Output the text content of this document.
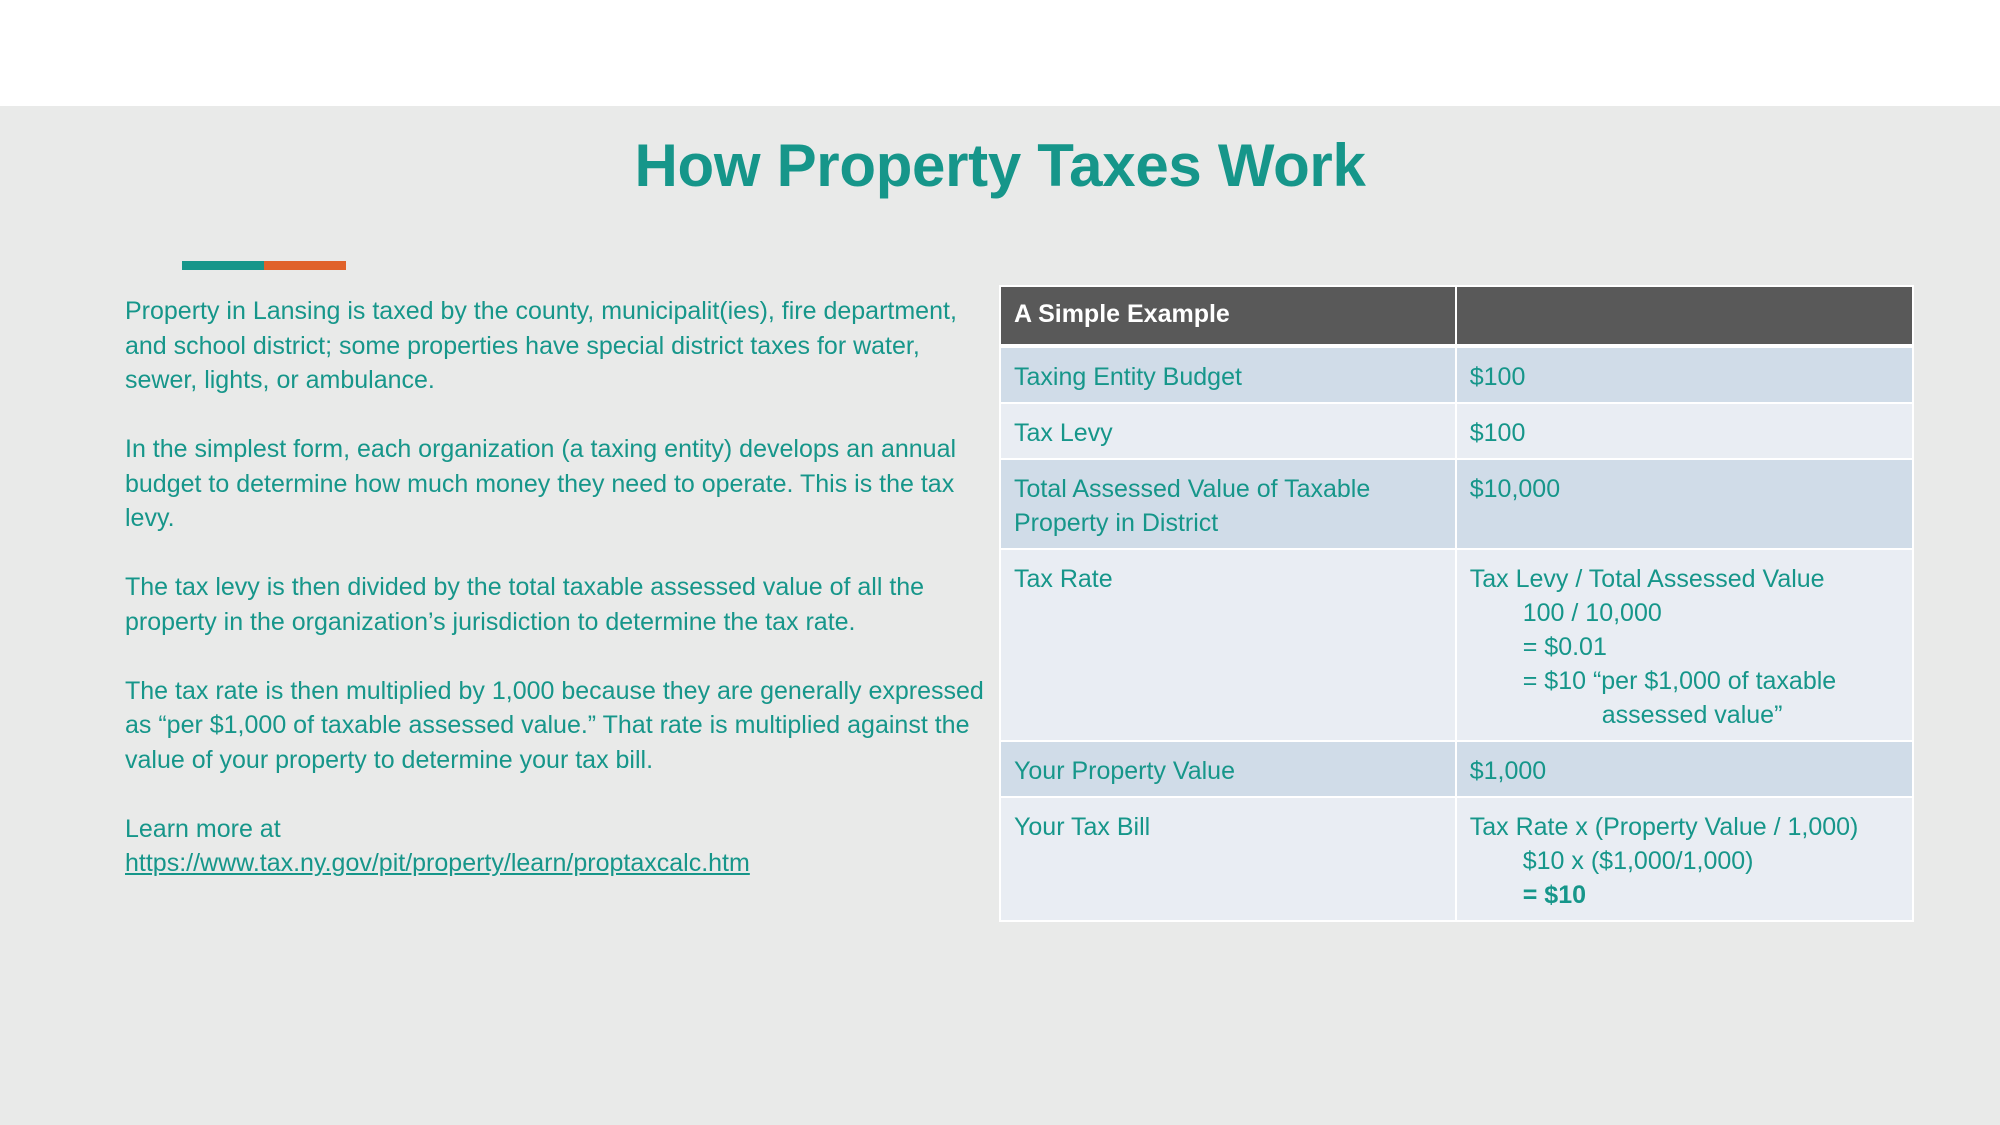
How Property Taxes Work

Property in Lansing is taxed by the county, municipalit(ies), fire department, and school district; some properties have special district taxes for water, sewer, lights, or ambulance.

In the simplest form, each organization (a taxing entity) develops an annual budget to determine how much money they need to operate. This is the tax levy.

The tax levy is then divided by the total taxable assessed value of all the property in the organization’s jurisdiction to determine the tax rate.

The tax rate is then multiplied by 1,000 because they are generally expressed as “per $1,000 of taxable assessed value.” That rate is multiplied against the value of your property to determine your tax bill.

Learn more at
https://www.tax.ny.gov/pit/property/learn/proptaxcalc.htm
A Simple Example	
Taxing Entity Budget	$100
Tax Levy	$100
Total Assessed Value of Taxable Property in District	$10,000
Tax Rate	Tax Levy / Total Assessed Value
100 / 10,000
= $0.01
= $10 “per $1,000 of taxable
assessed value”

Your Property Value	$1,000
Your Tax Bill	Tax Rate x (Property Value / 1,000)
$10 x ($1,000/1,000)
= $10
